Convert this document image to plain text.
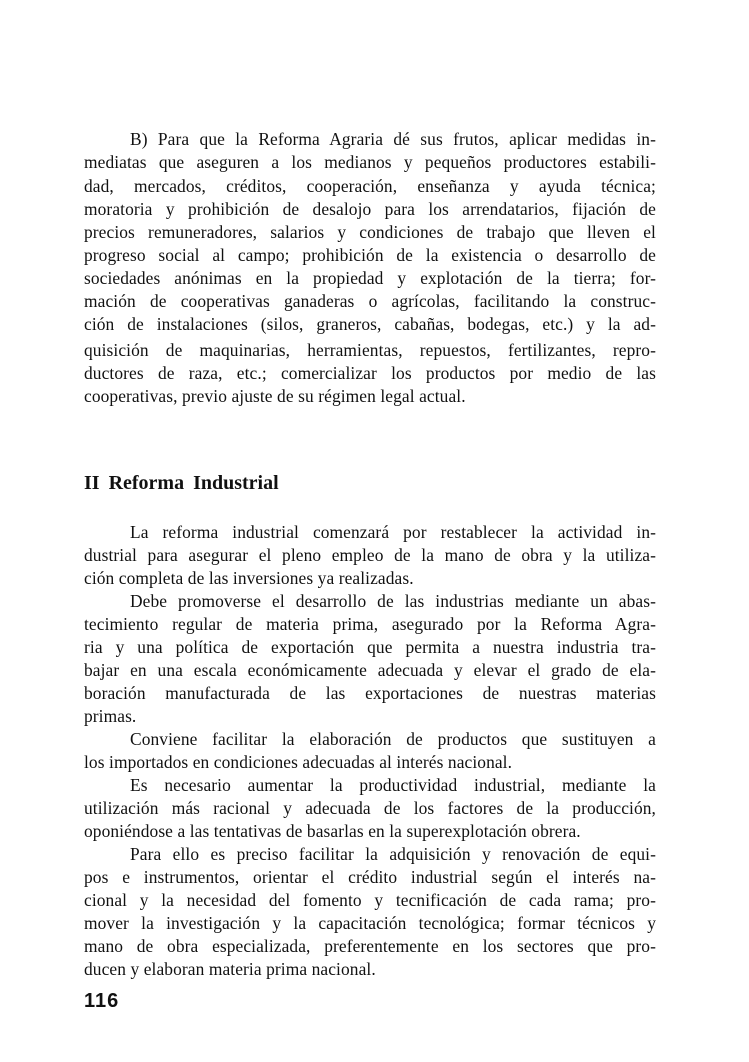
B) Para que la Reforma Agraria dé sus frutos, aplicar medidas in-
mediatas que aseguren a los medianos y pequeños productores estabili-
dad, mercados, créditos, cooperación, enseñanza y ayuda técnica;
moratoria y prohibición de desalojo para los arrendatarios, fijación de
precios remuneradores, salarios y condiciones de trabajo que lleven el
progreso social al campo; prohibición de la existencia o desarrollo de
sociedades anónimas en la propiedad y explotación de la tierra; for-
mación de cooperativas ganaderas o agrícolas, facilitando la construc-
ción de instalaciones (silos, graneros, cabañas, bodegas, etc.) y la ad-
quisición de maquinarias, herramientas, repuestos, fertilizantes, repro-
ductores de raza, etc.; comercializar los productos por medio de las
cooperativas, previo ajuste de su régimen legal actual.
II Reforma Industrial
La reforma industrial comenzará por restablecer la actividad in-
dustrial para asegurar el pleno empleo de la mano de obra y la utiliza-
ción completa de las inversiones ya realizadas.
Debe promoverse el desarrollo de las industrias mediante un abas-
tecimiento regular de materia prima, asegurado por la Reforma Agra-
ria y una política de exportación que permita a nuestra industria tra-
bajar en una escala económicamente adecuada y elevar el grado de ela-
boración manufacturada de las exportaciones de nuestras materias
primas.
Conviene facilitar la elaboración de productos que sustituyen a
los importados en condiciones adecuadas al interés nacional.
Es necesario aumentar la productividad industrial, mediante la
utilización más racional y adecuada de los factores de la producción,
oponiéndose a las tentativas de basarlas en la superexplotación obrera.
Para ello es preciso facilitar la adquisición y renovación de equi-
pos e instrumentos, orientar el crédito industrial según el interés na-
cional y la necesidad del fomento y tecnificación de cada rama; pro-
mover la investigación y la capacitación tecnológica; formar técnicos y
mano de obra especializada, preferentemente en los sectores que pro-
ducen y elaboran materia prima nacional.
116
